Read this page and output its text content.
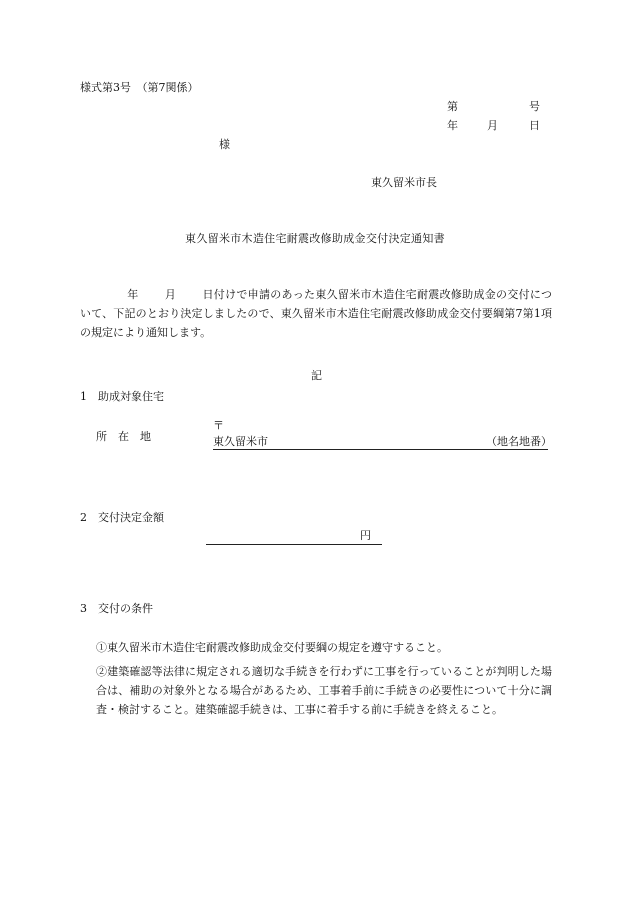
様式第3号　（第7関係）
第	号
年	月	日
様
東久留米市長
東久留米市木造住宅耐震改修助成金交付決定通知書
年 月 日付けで申請のあった東久留米市木造住宅耐震改修助成金の交付について、下記のとおり決定しましたので、東久留米市木造住宅耐震改修助成金交付要綱第7第1項の規定により通知します。
記
1　助成対象住宅
所　在　地
〒
東久留米市	（地名地番）
2　交付決定金額
円
3　交付の条件
①東久留米市木造住宅耐震改修助成金交付要綱の規定を遵守すること。
②建築確認等法律に規定される適切な手続きを行わずに工事を行っていることが判明した場合は、補助の対象外となる場合があるため、工事着手前に手続きの必要性について十分に調査・検討すること。建築確認手続きは、工事に着手する前に手続きを終えること。
